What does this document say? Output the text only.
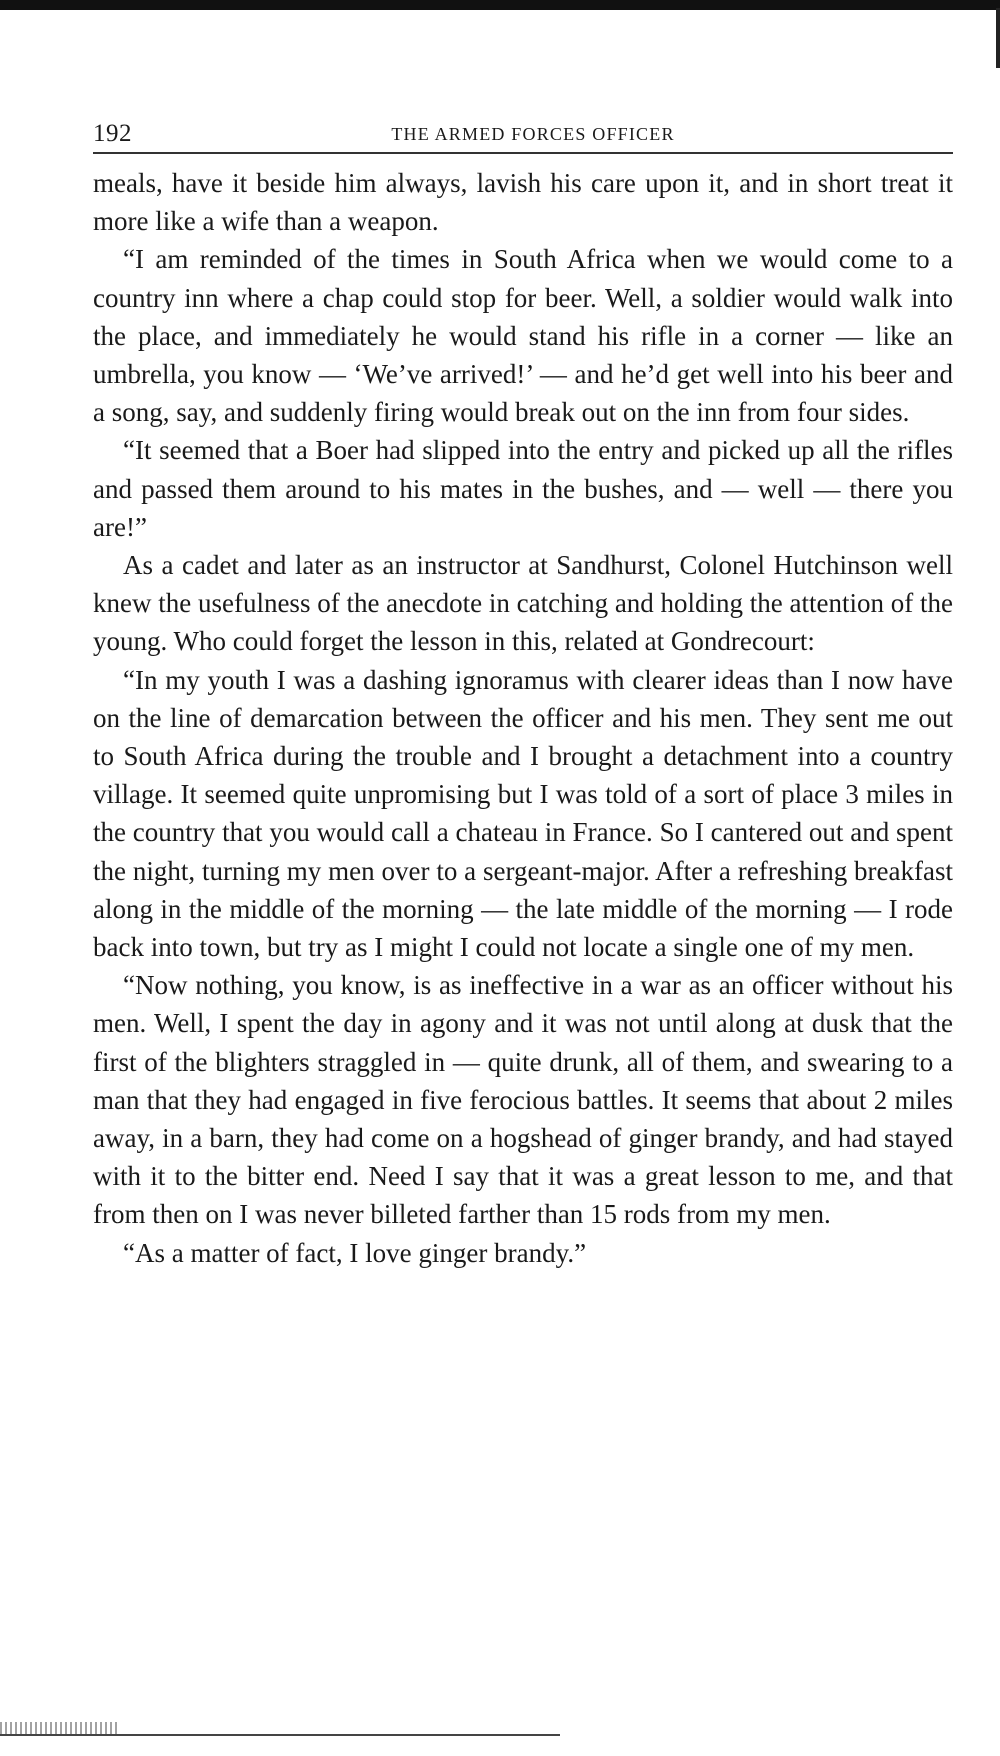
192	THE ARMED FORCES OFFICER

meals, have it beside him always, lavish his care upon it, and in short treat it more like a wife than a weapon.

“I am reminded of the times in South Africa when we would come to a country inn where a chap could stop for beer. Well, a soldier would walk into the place, and immediately he would stand his rifle in a corner — like an umbrella, you know — ‘We’ve arrived!’ — and he’d get well into his beer and a song, say, and suddenly firing would break out on the inn from four sides.

“It seemed that a Boer had slipped into the entry and picked up all the rifles and passed them around to his mates in the bushes, and — well — there you are!”

As a cadet and later as an instructor at Sandhurst, Colonel Hutchinson well knew the usefulness of the anecdote in catching and holding the attention of the young. Who could forget the lesson in this, related at Gondrecourt:

“In my youth I was a dashing ignoramus with clearer ideas than I now have on the line of demarcation between the officer and his men. They sent me out to South Africa during the trouble and I brought a detachment into a country village. It seemed quite unpromising but I was told of a sort of place 3 miles in the country that you would call a chateau in France. So I cantered out and spent the night, turning my men over to a sergeant-major. After a refreshing breakfast along in the middle of the morning — the late middle of the morning — I rode back into town, but try as I might I could not locate a single one of my men.

“Now nothing, you know, is as ineffective in a war as an officer without his men. Well, I spent the day in agony and it was not until along at dusk that the first of the blighters straggled in — quite drunk, all of them, and swearing to a man that they had engaged in five ferocious battles. It seems that about 2 miles away, in a barn, they had come on a hogshead of ginger brandy, and had stayed with it to the bitter end. Need I say that it was a great lesson to me, and that from then on I was never billeted farther than 15 rods from my men.

“As a matter of fact, I love ginger brandy.”
